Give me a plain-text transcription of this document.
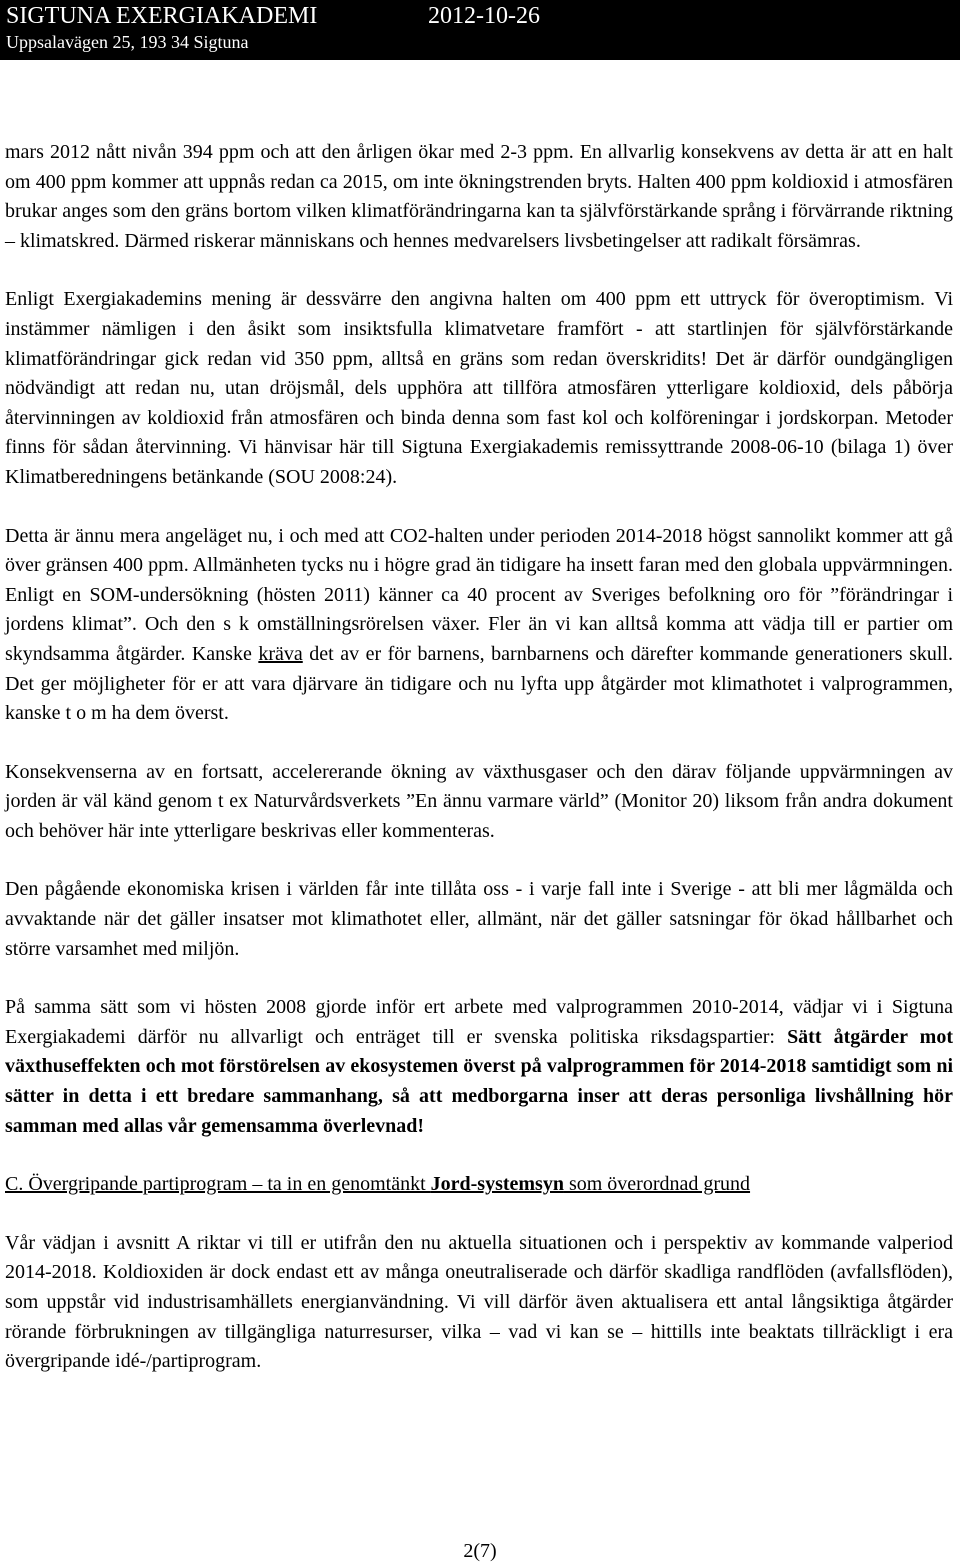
SIGTUNA EXERGIAKADEMI	2012-10-26
Uppsalavägen 25, 193 34 Sigtuna

mars 2012 nått nivån 394 ppm och att den årligen ökar med 2-3 ppm. En allvarlig konsekvens av detta är att en halt om 400 ppm kommer att uppnås redan ca 2015, om inte ökningstrenden bryts. Halten 400 ppm koldioxid i atmosfären brukar anges som den gräns bortom vilken klimatförändringarna kan ta självförstärkande språng i förvärrande riktning – klimatskred. Därmed riskerar människans och hennes medvarelsers livsbetingelser att radikalt försämras.

Enligt Exergiakademins mening är dessvärre den angivna halten om 400 ppm ett uttryck för överoptimism. Vi instämmer nämligen i den åsikt som insiktsfulla klimatvetare framfört - att startlinjen för självförstärkande klimatförändringar gick redan vid 350 ppm, alltså en gräns som redan överskridits! Det är därför oundgängligen nödvändigt att redan nu, utan dröjsmål, dels upphöra att tillföra atmosfären ytterligare koldioxid, dels påbörja återvinningen av koldioxid från atmosfären och binda denna som fast kol och kolföreningar i jordskorpan. Metoder finns för sådan återvinning. Vi hänvisar här till Sigtuna Exergiakademis remissyttrande 2008-06-10 (bilaga 1) över Klimatberedningens betänkande (SOU 2008:24).

Detta är ännu mera angeläget nu, i och med att CO2-halten under perioden 2014-2018 högst sannolikt kommer att gå över gränsen 400 ppm. Allmänheten tycks nu i högre grad än tidigare ha insett faran med den globala uppvärmningen. Enligt en SOM-undersökning (hösten 2011) känner ca 40 procent av Sveriges befolkning oro för ”förändringar i jordens klimat”. Och den s k omställningsrörelsen växer. Fler än vi kan alltså komma att vädja till er partier om skyndsamma åtgärder. Kanske kräva det av er för barnens, barnbarnens och därefter kommande generationers skull. Det ger möjligheter för er att vara djärvare än tidigare och nu lyfta upp åtgärder mot klimathotet i valprogrammen, kanske t o m ha dem överst.

Konsekvenserna av en fortsatt, accelererande ökning av växthusgaser och den därav följande uppvärmningen av jorden är väl känd genom t ex Naturvårdsverkets ”En ännu varmare värld” (Monitor 20) liksom från andra dokument och behöver här inte ytterligare beskrivas eller kommenteras.

Den pågående ekonomiska krisen i världen får inte tillåta oss - i varje fall inte i Sverige - att bli mer lågmälda och avvaktande när det gäller insatser mot klimathotet eller, allmänt, när det gäller satsningar för ökad hållbarhet och större varsamhet med miljön.

På samma sätt som vi hösten 2008 gjorde inför ert arbete med valprogrammen 2010-2014, vädjar vi i Sigtuna Exergiakademi därför nu allvarligt och enträget till er svenska politiska riksdagspartier: Sätt åtgärder mot växthuseffekten och mot förstörelsen av ekosystemen överst på valprogrammen för 2014-2018 samtidigt som ni sätter in detta i ett bredare sammanhang, så att medborgarna inser att deras personliga livshållning hör samman med allas vår gemensamma överlevnad!

C. Övergripande partiprogram – ta in en genomtänkt Jord-systemsyn som överordnad grund

Vår vädjan i avsnitt A riktar vi till er utifrån den nu aktuella situationen och i perspektiv av kommande valperiod 2014-2018. Koldioxiden är dock endast ett av många oneutraliserade och därför skadliga randflöden (avfallsflöden), som uppstår vid industrisamhällets energianvändning. Vi vill därför även aktualisera ett antal långsiktiga åtgärder rörande förbrukningen av tillgängliga naturresurser, vilka – vad vi kan se – hittills inte beaktats tillräckligt i era övergripande idé-/partiprogram.

2(7)
